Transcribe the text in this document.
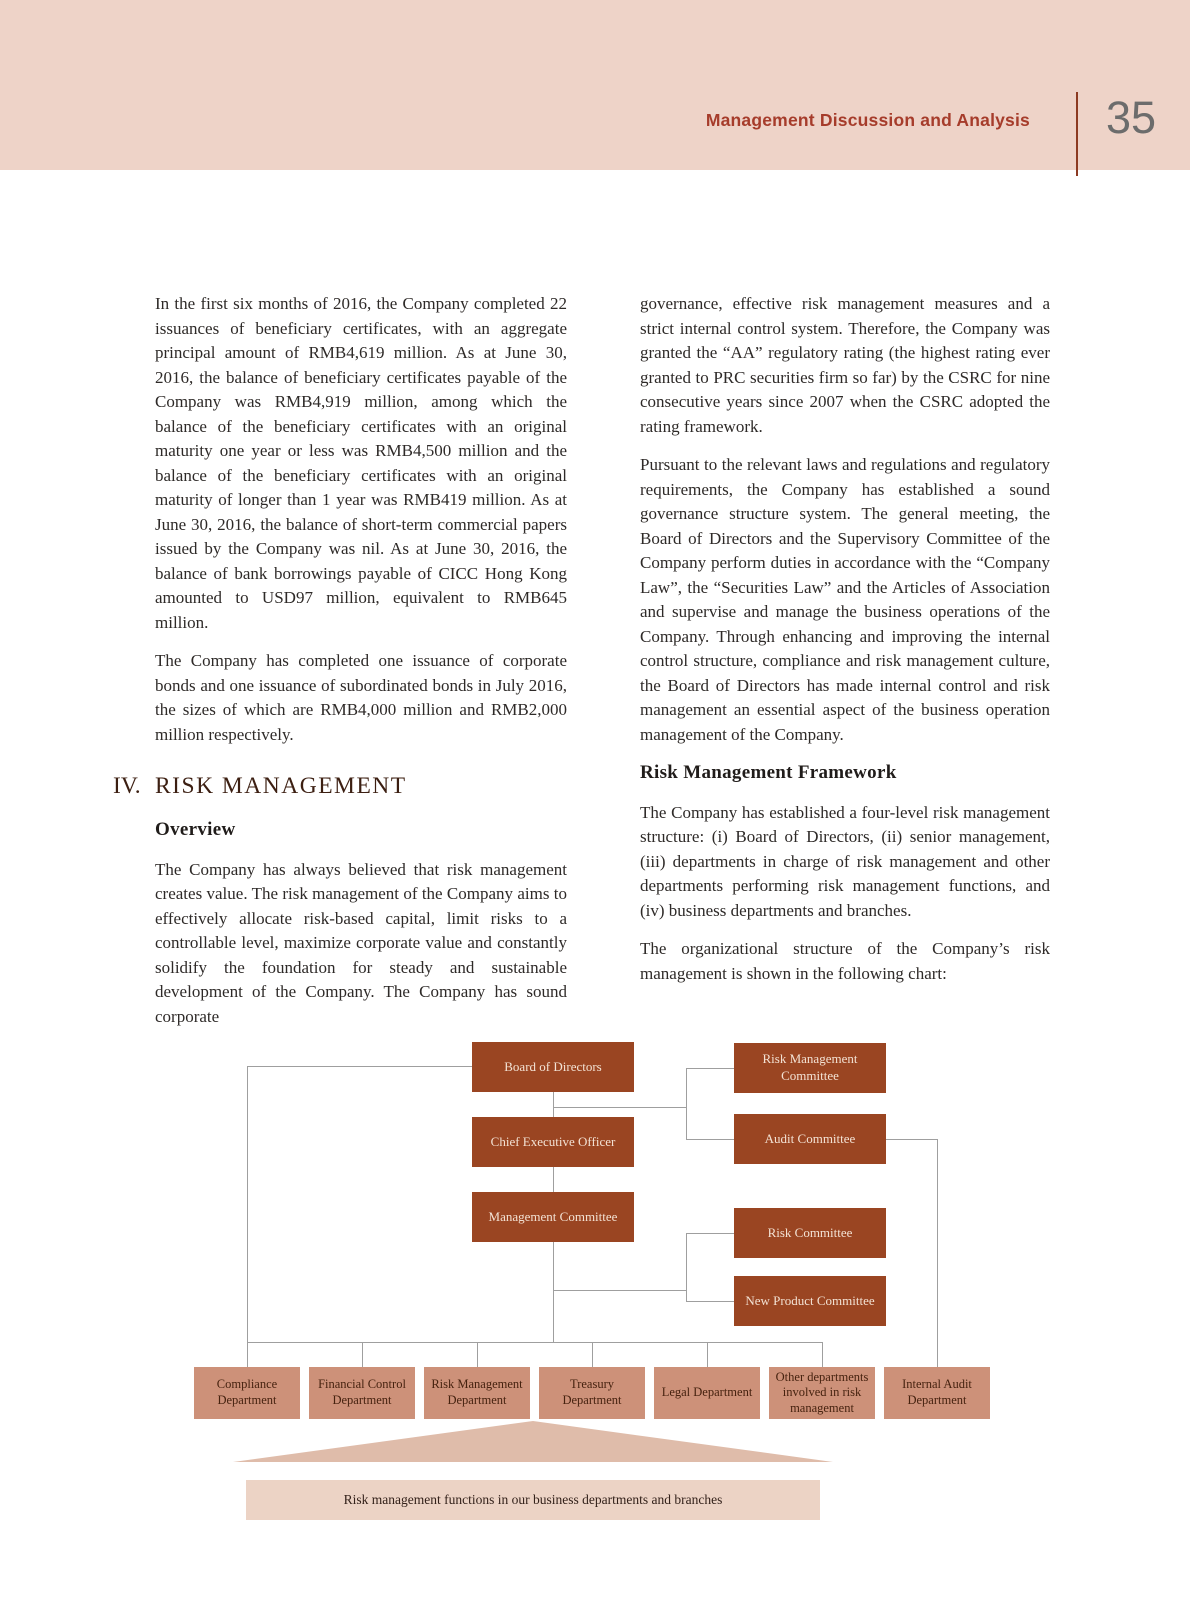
Management Discussion and Analysis 35

In the first six months of 2016, the Company completed 22 issuances of beneficiary certificates, with an aggregate principal amount of RMB4,619 million. As at June 30, 2016, the balance of beneficiary certificates payable of the Company was RMB4,919 million, among which the balance of the beneficiary certificates with an original maturity one year or less was RMB4,500 million and the balance of the beneficiary certificates with an original maturity of longer than 1 year was RMB419 million. As at June 30, 2016, the balance of short-term commercial papers issued by the Company was nil. As at June 30, 2016, the balance of bank borrowings payable of CICC Hong Kong amounted to USD97 million, equivalent to RMB645 million.

The Company has completed one issuance of corporate bonds and one issuance of subordinated bonds in July 2016, the sizes of which are RMB4,000 million and RMB2,000 million respectively.

IV. RISK MANAGEMENT
Overview

The Company has always believed that risk management creates value. The risk management of the Company aims to effectively allocate risk-based capital, limit risks to a controllable level, maximize corporate value and constantly solidify the foundation for steady and sustainable development of the Company. The Company has sound corporate

governance, effective risk management measures and a strict internal control system. Therefore, the Company was granted the “AA” regulatory rating (the highest rating ever granted to PRC securities firm so far) by the CSRC for nine consecutive years since 2007 when the CSRC adopted the rating framework.

Pursuant to the relevant laws and regulations and regulatory requirements, the Company has established a sound governance structure system. The general meeting, the Board of Directors and the Supervisory Committee of the Company perform duties in accordance with the “Company Law”, the “Securities Law” and the Articles of Association and supervise and manage the business operations of the Company. Through enhancing and improving the internal control structure, compliance and risk management culture, the Board of Directors has made internal control and risk management an essential aspect of the business operation management of the Company.

Risk Management Framework

The Company has established a four-level risk management structure: (i) Board of Directors, (ii) senior management, (iii) departments in charge of risk management and other departments performing risk management functions, and (iv) business departments and branches.

The organizational structure of the Company’s risk management is shown in the following chart:

Board of Directors
Chief Executive Officer
Management Committee
Risk Management Committee
Audit Committee
Risk Committee
New Product Committee
Compliance Department
Financial Control Department
Risk Management Department
Treasury Department
Legal Department
Other departments involved in risk management
Internal Audit Department
Risk management functions in our business departments and branches
